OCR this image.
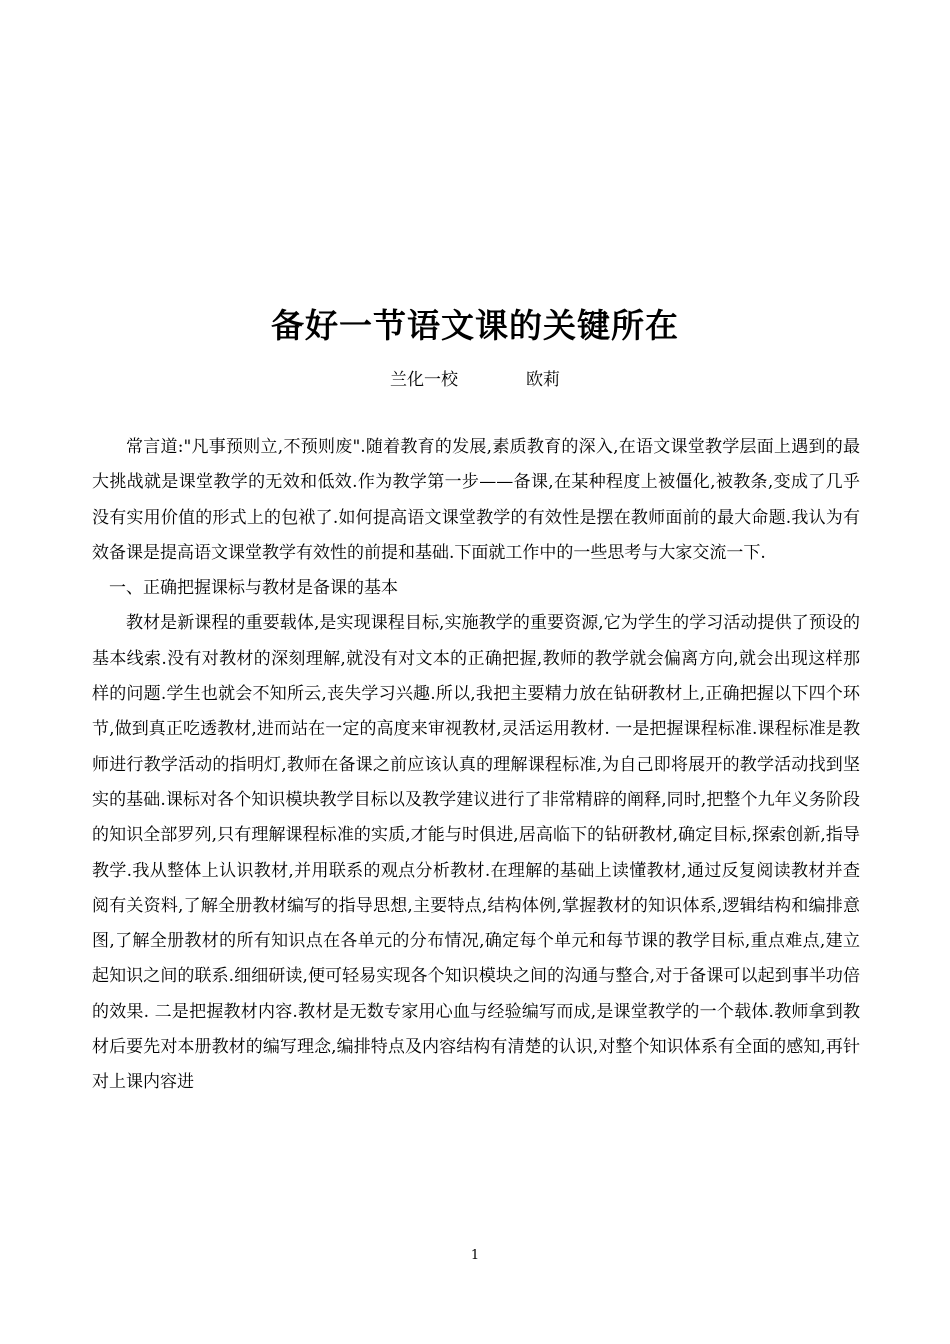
备好一节语文课的关键所在
兰化一校	欧莉

常言道:"凡事预则立,不预则废".随着教育的发展,素质教育的深入,在语文课堂教学层面上遇到的最大挑战就是课堂教学的无效和低效.作为教学第一步——备课,在某种程度上被僵化,被教条,变成了几乎没有实用价值的形式上的包袱了.如何提高语文课堂教学的有效性是摆在教师面前的最大命题.我认为有效备课是提高语文课堂教学有效性的前提和基础.下面就工作中的一些思考与大家交流一下.

一、正确把握课标与教材是备课的基本

教材是新课程的重要载体,是实现课程目标,实施教学的重要资源,它为学生的学习活动提供了预设的基本线索.没有对教材的深刻理解,就没有对文本的正确把握,教师的教学就会偏离方向,就会出现这样那样的问题.学生也就会不知所云,丧失学习兴趣.所以,我把主要精力放在钻研教材上,正确把握以下四个环节,做到真正吃透教材,进而站在一定的高度来审视教材,灵活运用教材. 一是把握课程标准.课程标准是教师进行教学活动的指明灯,教师在备课之前应该认真的理解课程标准,为自己即将展开的教学活动找到坚实的基础.课标对各个知识模块教学目标以及教学建议进行了非常精辟的阐释,同时,把整个九年义务阶段的知识全部罗列,只有理解课程标准的实质,才能与时俱进,居高临下的钻研教材,确定目标,探索创新,指导教学.我从整体上认识教材,并用联系的观点分析教材.在理解的基础上读懂教材,通过反复阅读教材并查阅有关资料,了解全册教材编写的指导思想,主要特点,结构体例,掌握教材的知识体系,逻辑结构和编排意图,了解全册教材的所有知识点在各单元的分布情况,确定每个单元和每节课的教学目标,重点难点,建立起知识之间的联系.细细研读,便可轻易实现各个知识模块之间的沟通与整合,对于备课可以起到事半功倍的效果. 二是把握教材内容.教材是无数专家用心血与经验编写而成,是课堂教学的一个载体.教师拿到教材后要先对本册教材的编写理念,编排特点及内容结构有清楚的认识,对整个知识体系有全面的感知,再针对上课内容进

1
